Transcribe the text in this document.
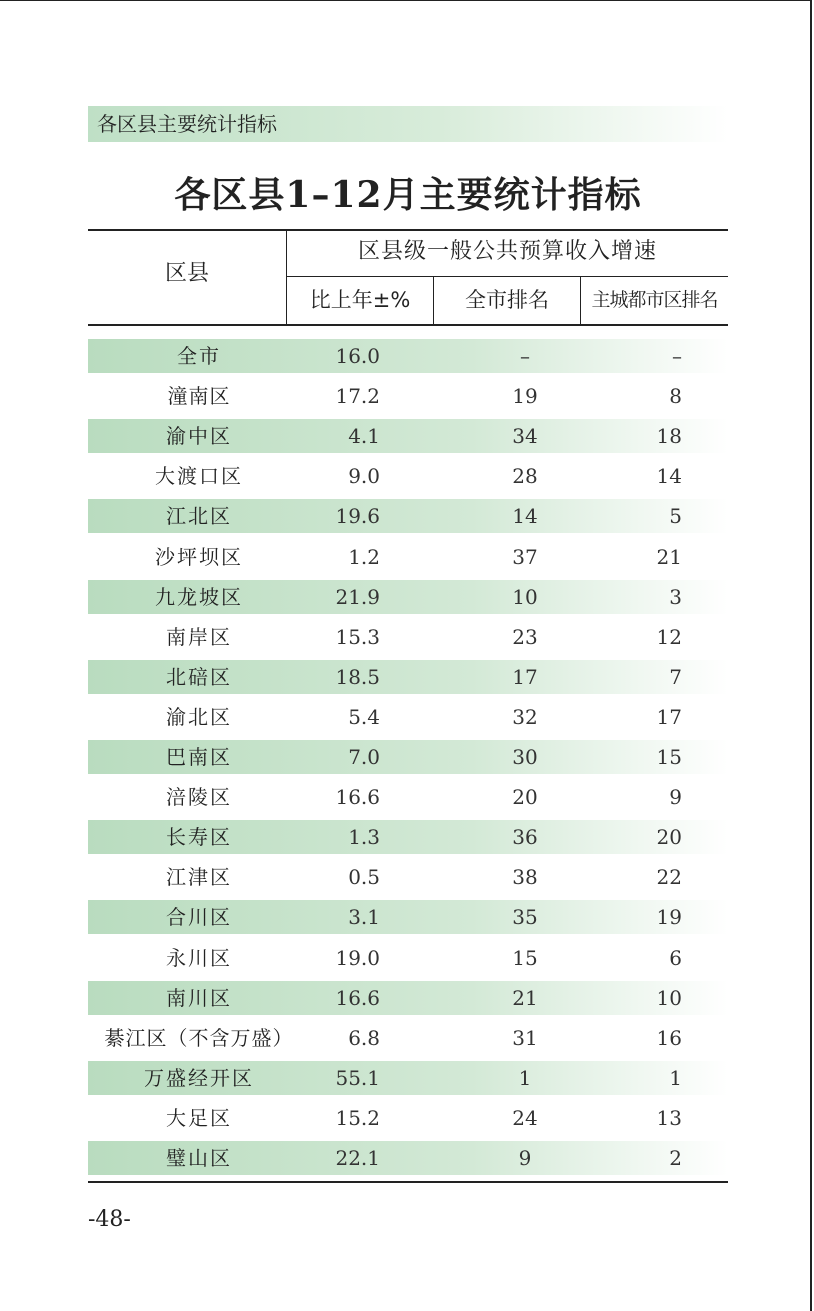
各区县主要统计指标
各区县1–12月主要统计指标
区县
区县级一般公共预算收入增速
比上年±%	全市排名	主城都市区排名
全市	16.0	–	–
潼南区	17.2	19	8
渝中区	4.1	34	18
大渡口区	9.0	28	14
江北区	19.6	14	5
沙坪坝区	1.2	37	21
九龙坡区	21.9	10	3
南岸区	15.3	23	12
北碚区	18.5	17	7
渝北区	5.4	32	17
巴南区	7.0	30	15
涪陵区	16.6	20	9
长寿区	1.3	36	20
江津区	0.5	38	22
合川区	3.1	35	19
永川区	19.0	15	6
南川区	16.6	21	10
綦江区（不含万盛）	6.8	31	16
万盛经开区	55.1	1	1
大足区	15.2	24	13
璧山区	22.1	9	2
-48-
